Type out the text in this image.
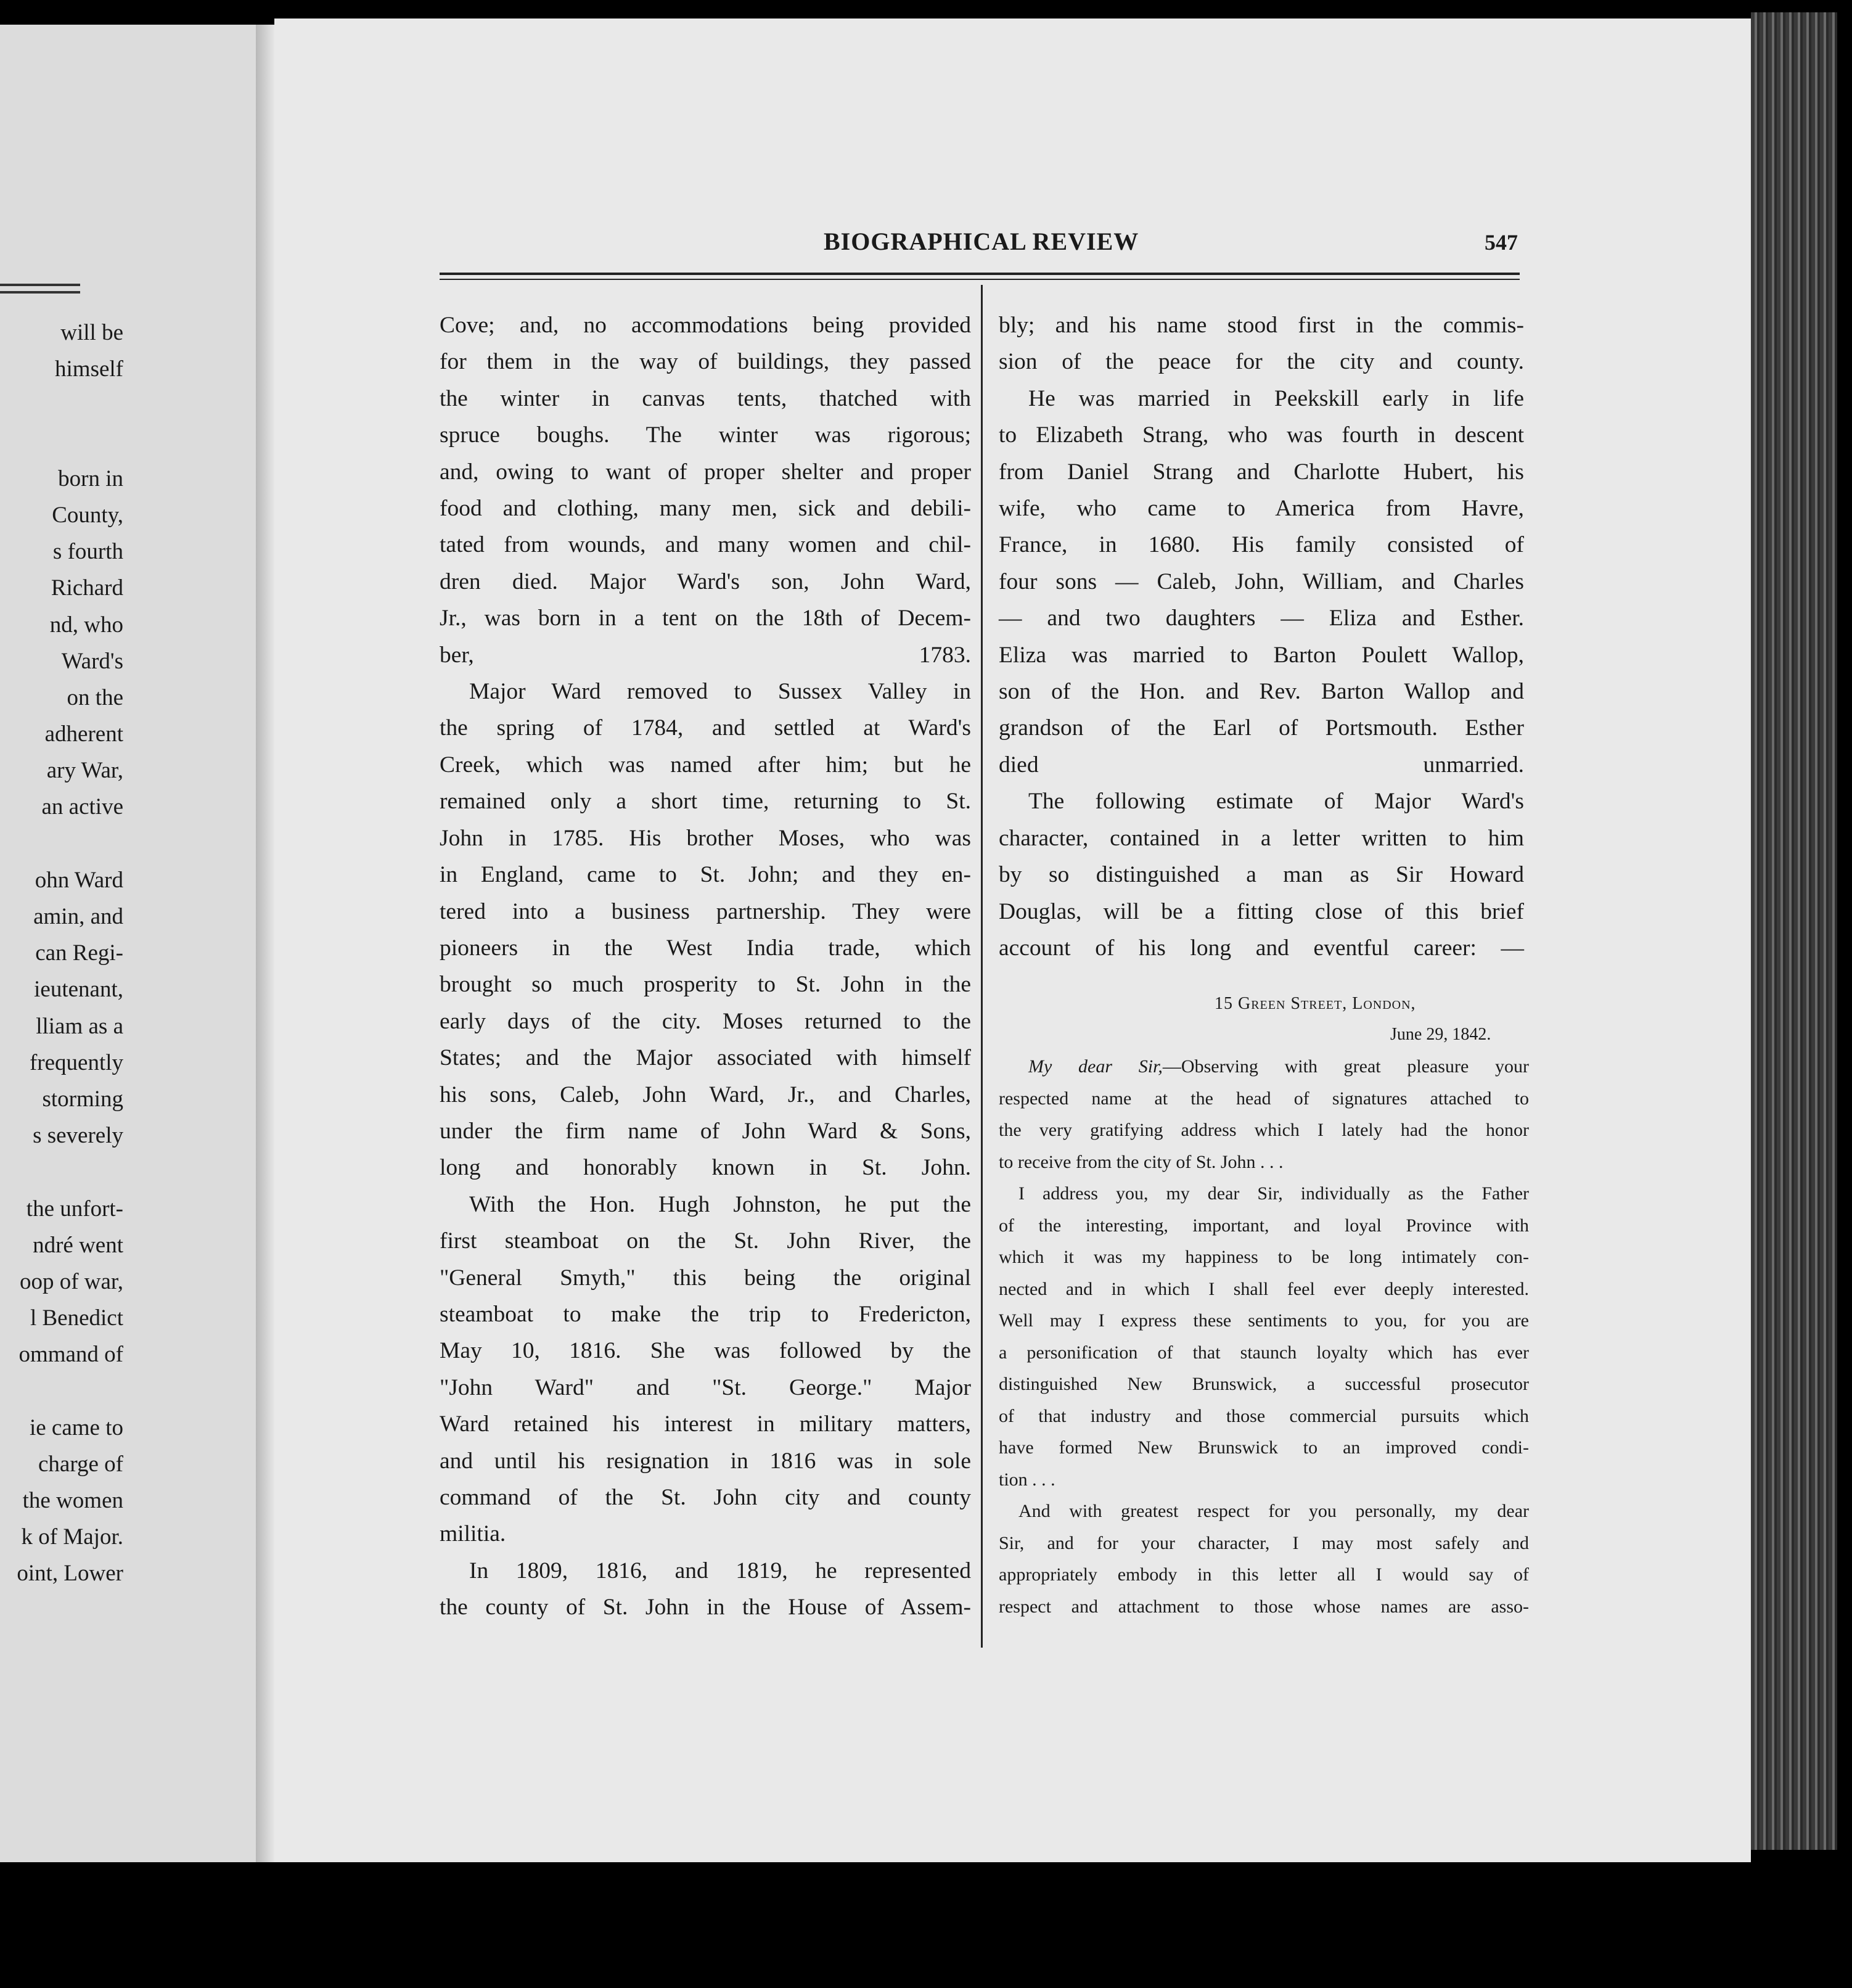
will be
himself
born in
County,
s fourth
Richard
nd, who
Ward's
on the
adherent
ary War,
an active
ohn Ward
amin, and
can Regi-
ieutenant,
lliam as a
frequently
storming
s severely
the unfort-
ndré went
oop of war,
l Benedict
ommand of
ie came to
charge of
the women
k of Major.
oint, Lower
BIOGRAPHICAL REVIEW	547
Cove; and, no accommodations being provided
for them in the way of buildings, they passed
the winter in canvas tents, thatched with
spruce boughs. The winter was rigorous;
and, owing to want of proper shelter and proper
food and clothing, many men, sick and debili-
tated from wounds, and many women and chil-
dren died. Major Ward's son, John Ward,
Jr., was born in a tent on the 18th of Decem-
ber, 1783.
Major Ward removed to Sussex Valley in
the spring of 1784, and settled at Ward's
Creek, which was named after him; but he
remained only a short time, returning to St.
John in 1785. His brother Moses, who was
in England, came to St. John; and they en-
tered into a business partnership. They were
pioneers in the West India trade, which
brought so much prosperity to St. John in the
early days of the city. Moses returned to the
States; and the Major associated with himself
his sons, Caleb, John Ward, Jr., and Charles,
under the firm name of John Ward & Sons,
long and honorably known in St. John.
With the Hon. Hugh Johnston, he put the
first steamboat on the St. John River, the
"General Smyth," this being the original
steamboat to make the trip to Fredericton,
May 10, 1816. She was followed by the
"John Ward" and "St. George." Major
Ward retained his interest in military matters,
and until his resignation in 1816 was in sole
command of the St. John city and county
militia.
In 1809, 1816, and 1819, he represented
the county of St. John in the House of Assem-
bly; and his name stood first in the commis-
sion of the peace for the city and county.
He was married in Peekskill early in life
to Elizabeth Strang, who was fourth in descent
from Daniel Strang and Charlotte Hubert, his
wife, who came to America from Havre,
France, in 1680. His family consisted of
four sons — Caleb, John, William, and Charles
— and two daughters — Eliza and Esther.
Eliza was married to Barton Poulett Wallop,
son of the Hon. and Rev. Barton Wallop and
grandson of the Earl of Portsmouth. Esther
died unmarried.
The following estimate of Major Ward's
character, contained in a letter written to him
by so distinguished a man as Sir Howard
Douglas, will be a fitting close of this brief
account of his long and eventful career: —
15 Green Street, London,
June 29, 1842.
My dear Sir,—Observing with great pleasure your
respected name at the head of signatures attached to
the very gratifying address which I lately had the honor
to receive from the city of St. John . . .
I address you, my dear Sir, individually as the Father
of the interesting, important, and loyal Province with
which it was my happiness to be long intimately con-
nected and in which I shall feel ever deeply interested.
Well may I express these sentiments to you, for you are
a personification of that staunch loyalty which has ever
distinguished New Brunswick, a successful prosecutor
of that industry and those commercial pursuits which
have formed New Brunswick to an improved condi-
tion . . .
And with greatest respect for you personally, my dear
Sir, and for your character, I may most safely and
appropriately embody in this letter all I would say of
respect and attachment to those whose names are asso-
